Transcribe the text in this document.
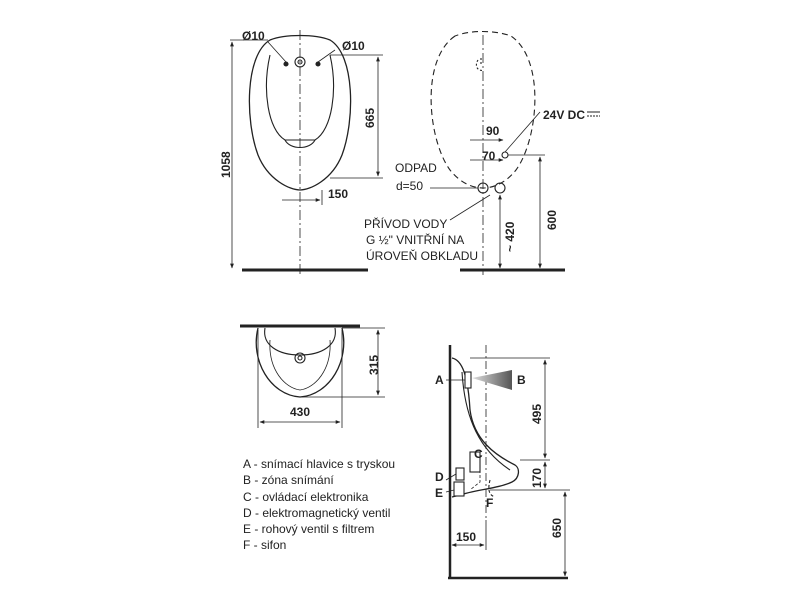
Ø10
Ø10
1058
665
150
24V DC
90
70
ODPAD
d=50
PŘÍVOD VODY
G ½" VNITŘNÍ NA
ÚROVEŇ OBKLADU
~ 420
600
315
430
A	B
C
D
E
F
495
170
650
150
A - snímací hlavice s tryskou
B - zóna snímání
C - ovládací elektronika
D - elektromagnetický ventil
E - rohový ventil s filtrem
F - sifon
